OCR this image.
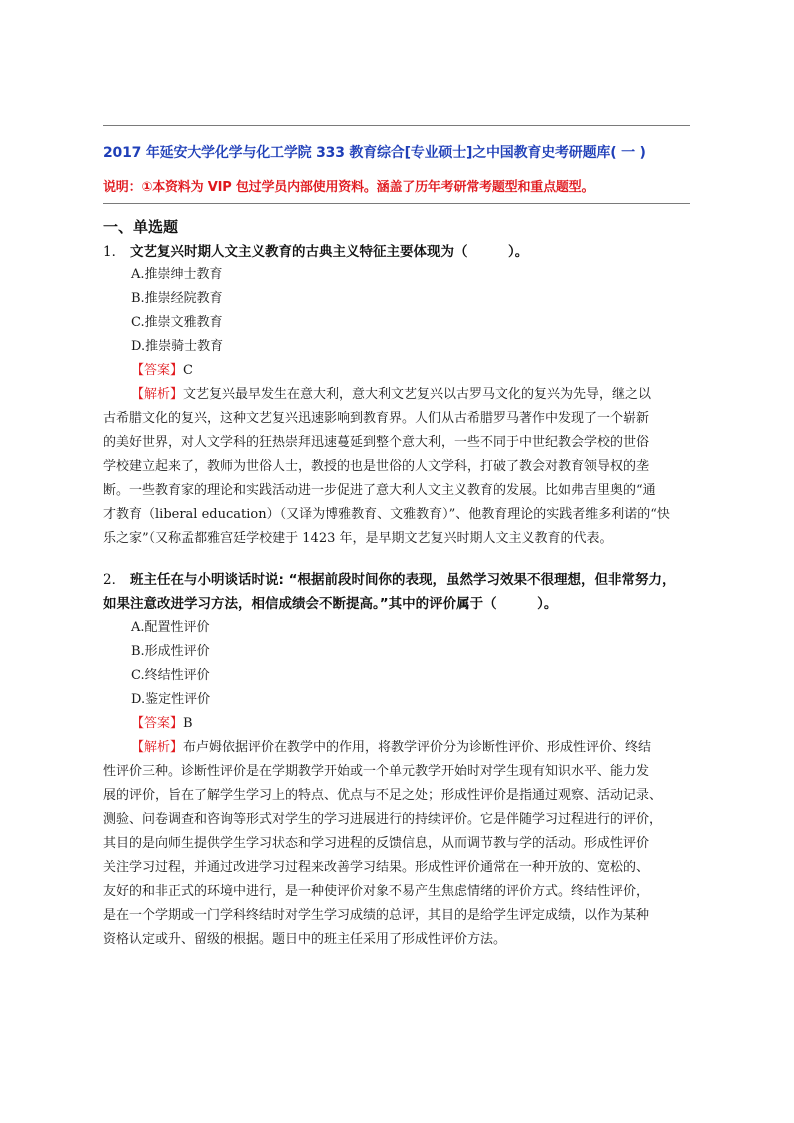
2017 年延安大学化学与化工学院 333 教育综合[专业硕士]之中国教育史考研题库( 一 )
说明：①本资料为 VIP 包过学员内部使用资料。涵盖了历年考研常考题型和重点题型。
一、单选题
1． 文艺复兴时期人文主义教育的古典主义特征主要体现为（　　　）。
A.推崇绅士教育
B.推崇经院教育
C.推崇文雅教育
D.推崇骑士教育
【答案】C
【解析】文艺复兴最早发生在意大利，意大利文艺复兴以古罗马文化的复兴为先导，继之以
古希腊文化的复兴，这种文艺复兴迅速影响到教育界。人们从古希腊罗马著作中发现了一个崭新
的美好世界，对人文学科的狂热崇拜迅速蔓延到整个意大利，一些不同于中世纪教会学校的世俗
学校建立起来了，教师为世俗人士，教授的也是世俗的人文学科，打破了教会对教育领导权的垄
断。一些教育家的理论和实践活动进一步促进了意大利人文主义教育的发展。比如弗吉里奥的“通
才教育（liberal education）（又译为博雅教育、文雅教育）”、他教育理论的实践者维多利诺的“快
乐之家”（又称孟都雅宫廷学校建于 1423 年，是早期文艺复兴时期人文主义教育的代表。
2． 班主任在与小明谈话时说: “根据前段时间你的表现，虽然学习效果不很理想，但非常努力，
如果注意改进学习方法，相信成绩会不断提高。”其中的评价属于（　　　）。
A.配置性评价
B.形成性评价
C.终结性评价
D.鉴定性评价
【答案】B
【解析】布卢姆依据评价在教学中的作用，将教学评价分为诊断性评价、形成性评价、终结
性评价三种。诊断性评价是在学期教学开始或一个单元教学开始时对学生现有知识水平、能力发
展的评价，旨在了解学生学习上的特点、优点与不足之处；形成性评价是指通过观察、活动记录、
测验、问卷调查和咨询等形式对学生的学习进展进行的持续评价。它是伴随学习过程进行的评价，
其目的是向师生提供学生学习状态和学习进程的反馈信息，从而调节教与学的活动。形成性评价
关注学习过程，并通过改进学习过程来改善学习结果。形成性评价通常在一种开放的、宽松的、
友好的和非正式的环境中进行，是一种使评价对象不易产生焦虑情绪的评价方式。终结性评价，
是在一个学期或一门学科终结时对学生学习成绩的总评，其目的是给学生评定成绩，以作为某种
资格认定或升、留级的根据。题日中的班主任采用了形成性评价方法。
